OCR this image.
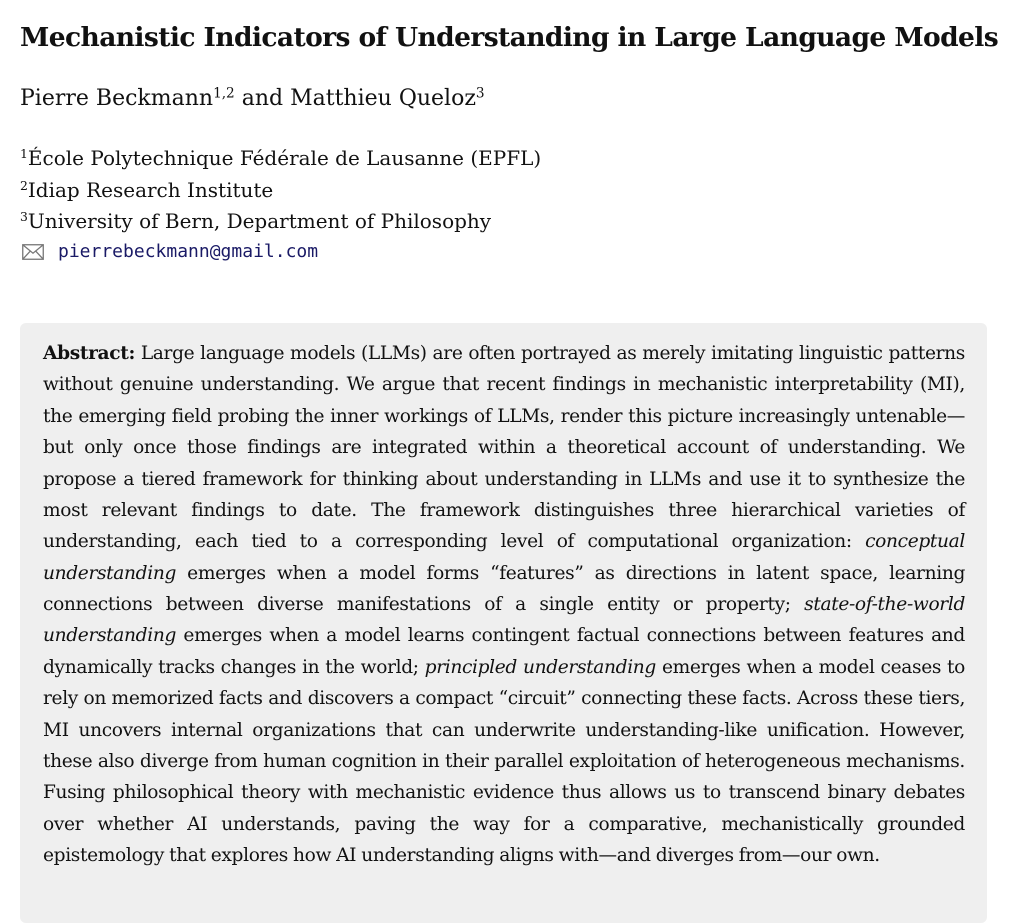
Mechanistic Indicators of Understanding in Large Language Models
Pierre Beckmann$^{1,2}$ and Matthieu Queloz$^3$
$^1$École Polytechnique Fédérale de Lausanne (EPFL)
$^2$Idiap Research Institute
$^3$University of Bern, Department of Philosophy
pierrebeckmann@gmail.com

Abstract: Large language models (LLMs) are often portrayed as merely imitating linguistic patterns without genuine understanding. We argue that recent findings in mechanistic interpretability (MI), the emerging field probing the inner workings of LLMs, render this picture increasingly untenable—but only once those findings are integrated within a theoretical account of understanding. We propose a tiered framework for thinking about understanding in LLMs and use it to synthesize the most relevant findings to date. The framework distinguishes three hierarchical varieties of understanding, each tied to a corresponding level of computational organization: conceptual understanding emerges when a model forms “features” as directions in latent space, learning connections between diverse manifestations of a single entity or property; state-of-the-world understanding emerges when a model learns contingent factual connections between features and dynamically tracks changes in the world; principled understanding emerges when a model ceases to rely on memorized facts and discovers a compact “circuit” connecting these facts. Across these tiers, MI uncovers internal organizations that can underwrite understanding-like unification. However, these also diverge from human cognition in their parallel exploitation of heterogeneous mechanisms. Fusing philosophical theory with mechanistic evidence thus allows us to transcend binary debates over whether AI understands, paving the way for a comparative, mechanistically grounded epistemology that explores how AI understanding aligns with—and diverges from—our own.
